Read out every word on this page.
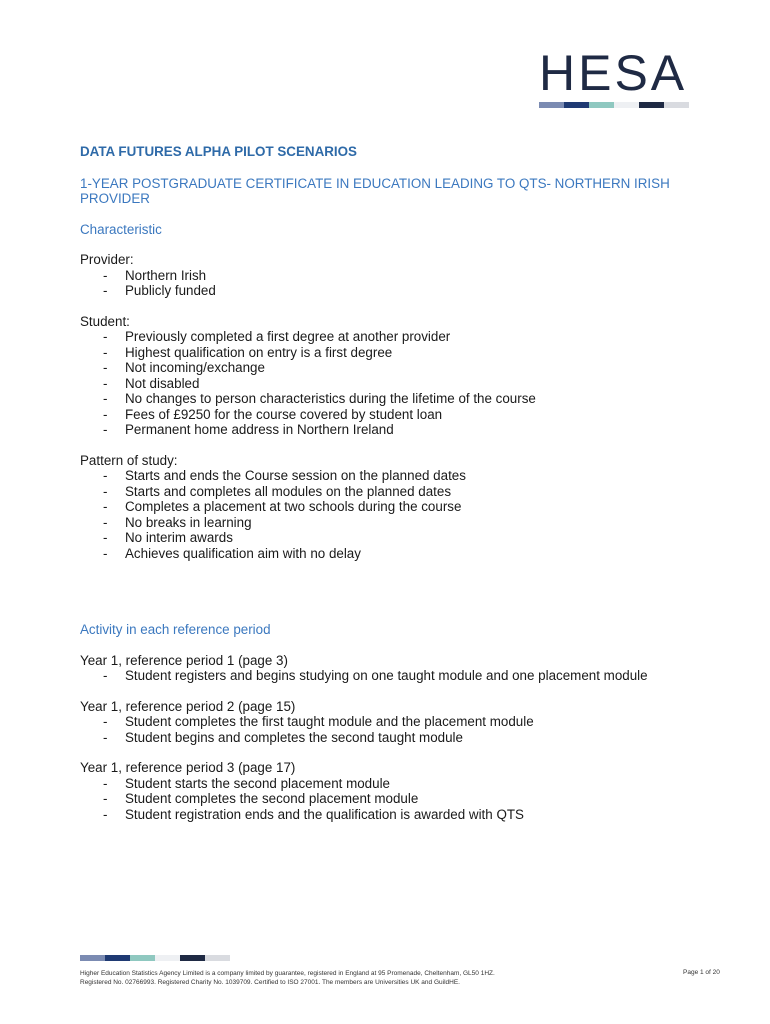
HESA
DATA FUTURES ALPHA PILOT SCENARIOS
1-YEAR POSTGRADUATE CERTIFICATE IN EDUCATION LEADING TO QTS- NORTHERN IRISH PROVIDER
Characteristic
Provider:
- Northern Irish
- Publicly funded
Student:
- Previously completed a first degree at another provider
- Highest qualification on entry is a first degree
- Not incoming/exchange
- Not disabled
- No changes to person characteristics during the lifetime of the course
- Fees of £9250 for the course covered by student loan
- Permanent home address in Northern Ireland
Pattern of study:
- Starts and ends the Course session on the planned dates
- Starts and completes all modules on the planned dates
- Completes a placement at two schools during the course
- No breaks in learning
- No interim awards
- Achieves qualification aim with no delay
Activity in each reference period
Year 1, reference period 1 (page 3)
- Student registers and begins studying on one taught module and one placement module
Year 1, reference period 2 (page 15)
- Student completes the first taught module and the placement module
- Student begins and completes the second taught module
Year 1, reference period 3 (page 17)
- Student starts the second placement module
- Student completes the second placement module
- Student registration ends and the qualification is awarded with QTS
Higher Education Statistics Agency Limited is a company limited by guarantee, registered in England at 95 Promenade, Cheltenham, GL50 1HZ.
Registered No. 02766993. Registered Charity No. 1039709. Certified to ISO 27001. The members are Universities UK and GuildHE.
Page 1 of 20
